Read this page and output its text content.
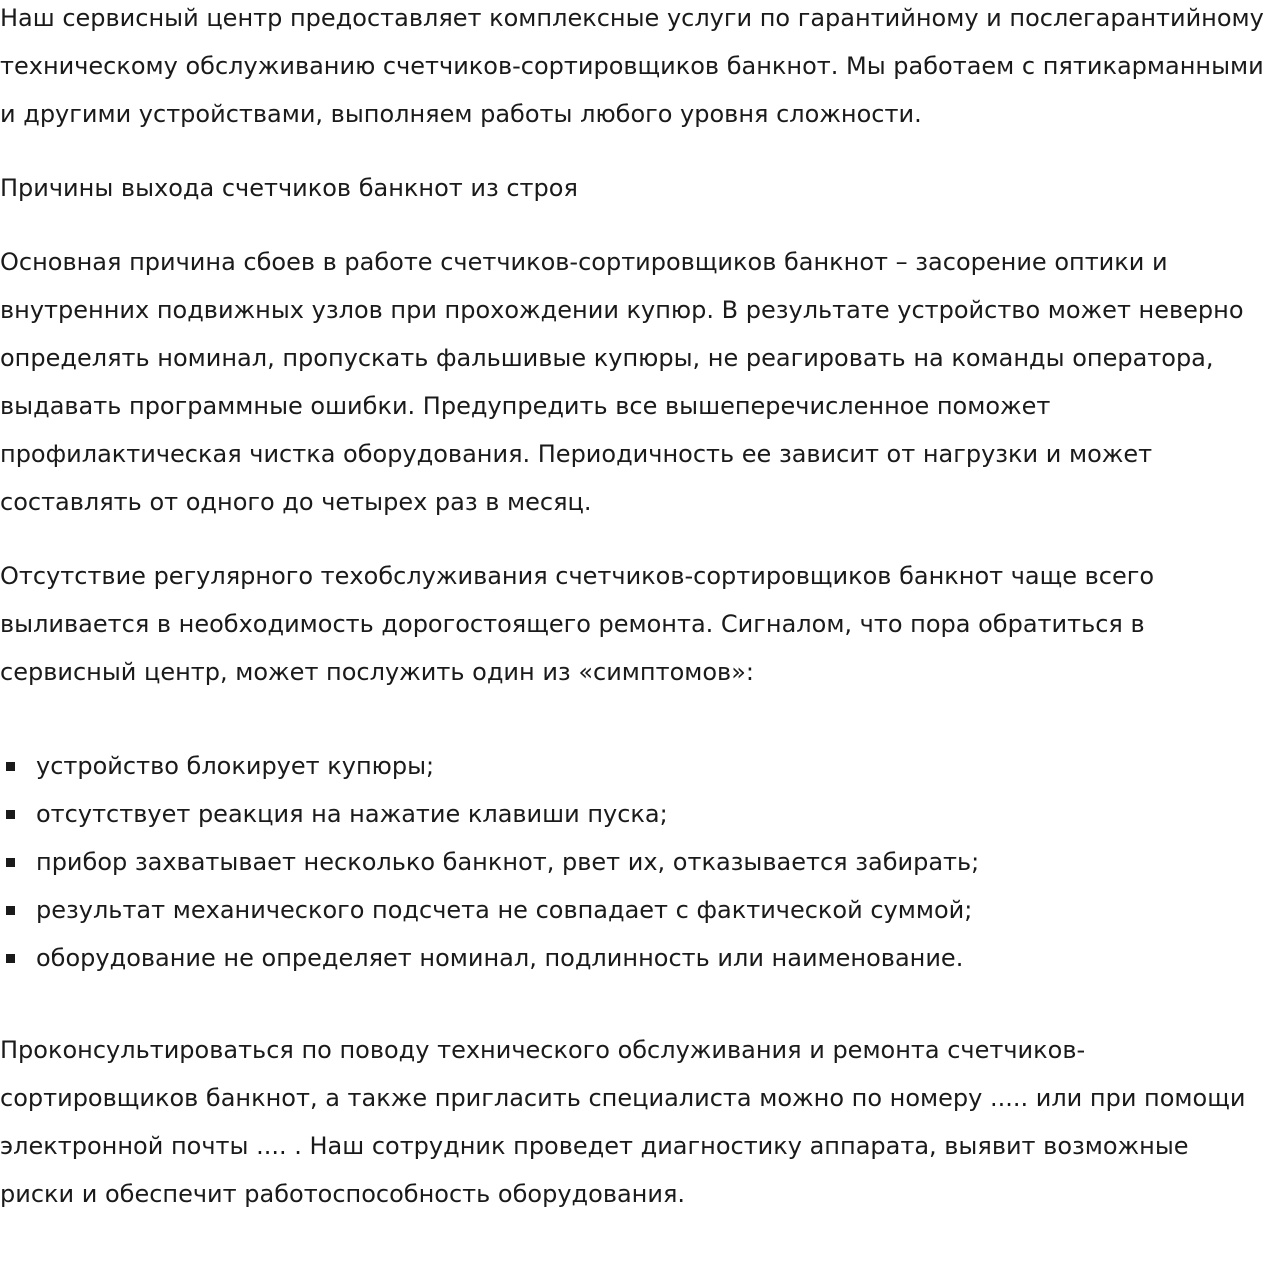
Наш сервисный центр предоставляет комплексные услуги по гарантийному и послегарантийному техническому обслуживанию счетчиков-сортировщиков банкнот. Мы работаем с пятикарманными и другими устройствами, выполняем работы любого уровня сложности.

Причины выхода счетчиков банкнот из строя

Основная причина сбоев в работе счетчиков-сортировщиков банкнот – засорение оптики и внутренних подвижных узлов при прохождении купюр. В результате устройство может неверно определять номинал, пропускать фальшивые купюры, не реагировать на команды оператора, выдавать программные ошибки. Предупредить все вышеперечисленное поможет профилактическая чистка оборудования. Периодичность ее зависит от нагрузки и может составлять от одного до четырех раз в месяц.

Отсутствие регулярного техобслуживания счетчиков-сортировщиков банкнот чаще всего выливается в необходимость дорогостоящего ремонта. Сигналом, что пора обратиться в сервисный центр, может послужить один из «симптомов»:

устройство блокирует купюры;
отсутствует реакция на нажатие клавиши пуска;
прибор захватывает несколько банкнот, рвет их, отказывается забирать;
результат механического подсчета не совпадает с фактической суммой;
оборудование не определяет номинал, подлинность или наименование.

Проконсультироваться по поводу технического обслуживания и ремонта счетчиков-сортировщиков банкнот, а также пригласить специалиста можно по номеру ..... или при помощи электронной почты .... . Наш сотрудник проведет диагностику аппарата, выявит возможные риски и обеспечит работоспособность оборудования.
